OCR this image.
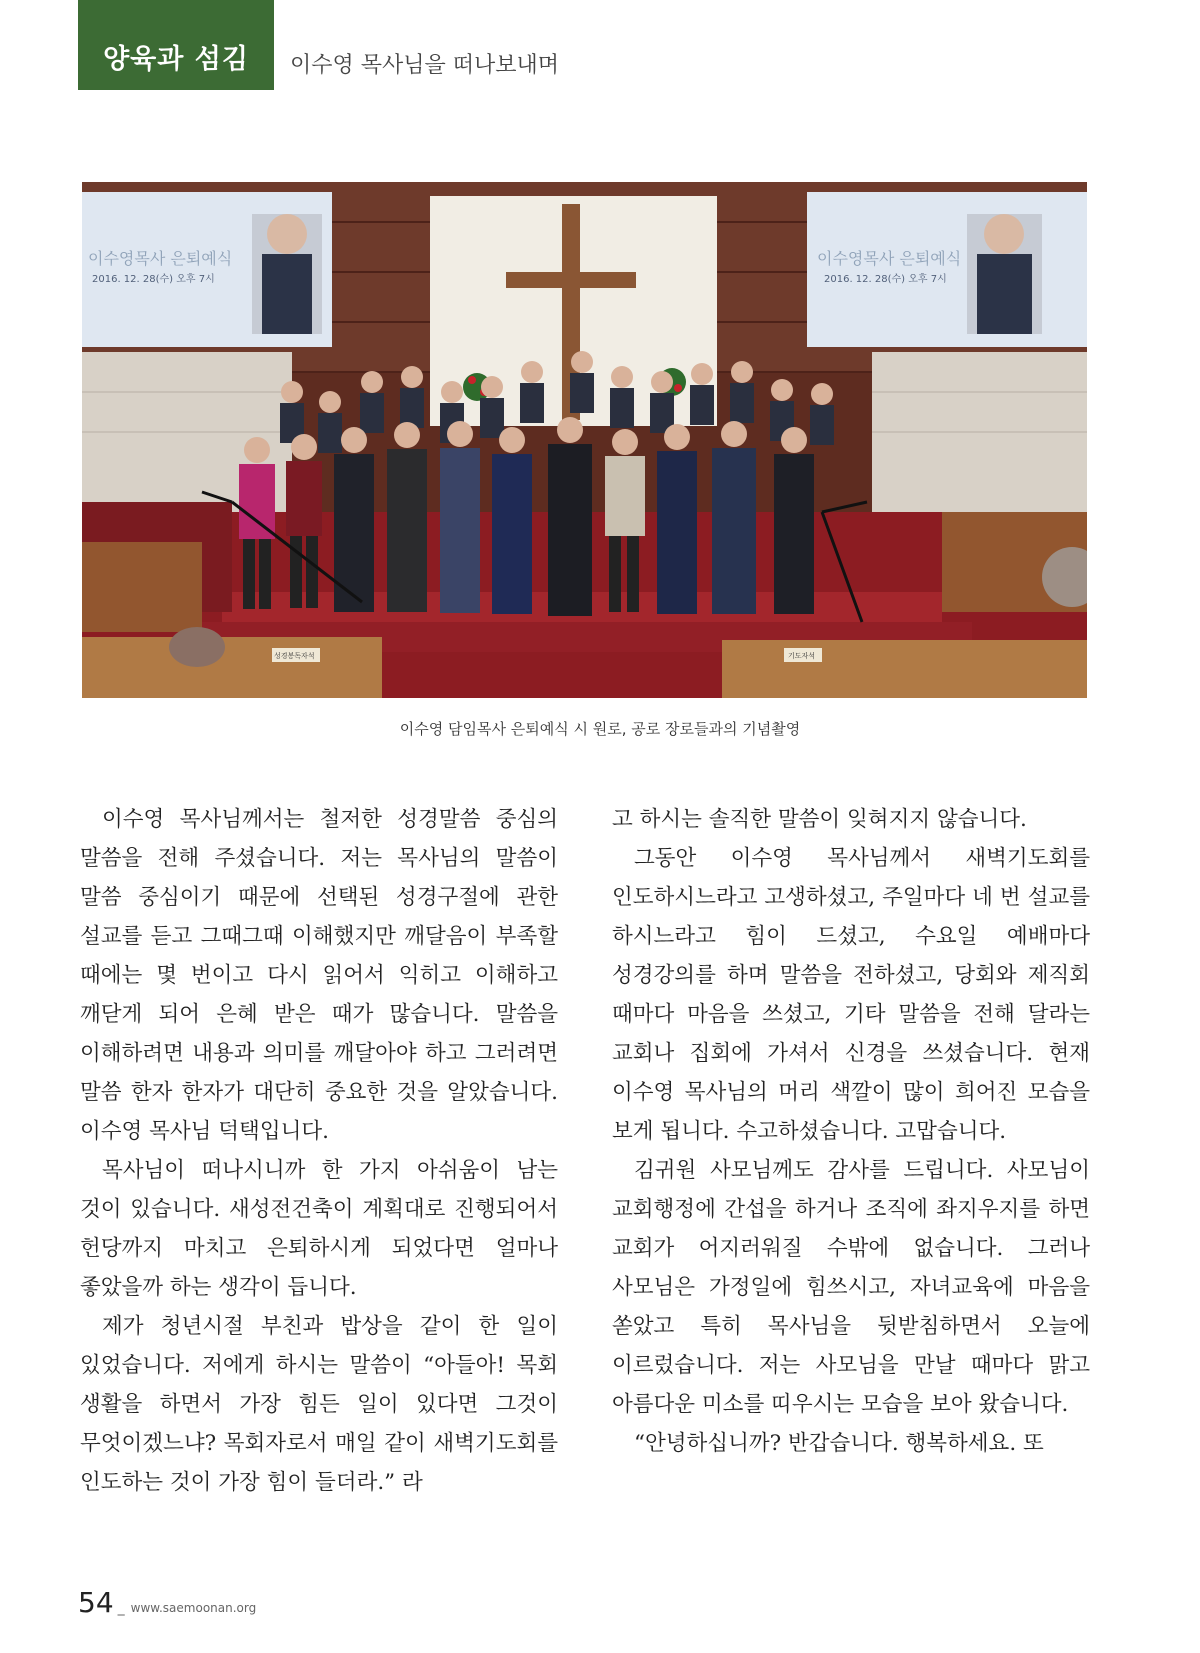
양육과 섬김	이수영 목사님을 떠나보내며
이수영목사 은퇴예식
2016. 12. 28(수) 오후 7시
이수영목사 은퇴예식
2016. 12. 28(수) 오후 7시
성경봉독자석	기도자석
이수영 담임목사 은퇴예식 시 원로, 공로 장로들과의 기념촬영

이수영 목사님께서는 철저한 성경말씀 중심의 말씀을 전해 주셨습니다. 저는 목사님의 말씀이 말씀 중심이기 때문에 선택된 성경구절에 관한 설교를 듣고 그때그때 이해했지만 깨달음이 부족할 때에는 몇 번이고 다시 읽어서 익히고 이해하고 깨닫게 되어 은혜 받은 때가 많습니다. 말씀을 이해하려면 내용과 의미를 깨달아야 하고 그러려면 말씀 한자 한자가 대단히 중요한 것을 알았습니다. 이수영 목사님 덕택입니다.

목사님이 떠나시니까 한 가지 아쉬움이 남는 것이 있습니다. 새성전건축이 계획대로 진행되어서 헌당까지 마치고 은퇴하시게 되었다면 얼마나 좋았을까 하는 생각이 듭니다.

제가 청년시절 부친과 밥상을 같이 한 일이 있었습니다. 저에게 하시는 말씀이 “아들아! 목회 생활을 하면서 가장 힘든 일이 있다면 그것이 무엇이겠느냐? 목회자로서 매일 같이 새벽기도회를 인도하는 것이 가장 힘이 들더라.” 라

고 하시는 솔직한 말씀이 잊혀지지 않습니다.

그동안 이수영 목사님께서 새벽기도회를 인도하시느라고 고생하셨고, 주일마다 네 번 설교를 하시느라고 힘이 드셨고, 수요일 예배마다 성경강의를 하며 말씀을 전하셨고, 당회와 제직회 때마다 마음을 쓰셨고, 기타 말씀을 전해 달라는 교회나 집회에 가셔서 신경을 쓰셨습니다. 현재 이수영 목사님의 머리 색깔이 많이 희어진 모습을 보게 됩니다. 수고하셨습니다. 고맙습니다.

김귀원 사모님께도 감사를 드립니다. 사모님이 교회행정에 간섭을 하거나 조직에 좌지우지를 하면 교회가 어지러워질 수밖에 없습니다. 그러나 사모님은 가정일에 힘쓰시고, 자녀교육에 마음을 쏟았고 특히 목사님을 뒷받침하면서 오늘에 이르렀습니다. 저는 사모님을 만날 때마다 맑고 아름다운 미소를 띠우시는 모습을 보아 왔습니다.

“안녕하십니까? 반갑습니다. 행복하세요. 또

54 _ www.saemoonan.org
